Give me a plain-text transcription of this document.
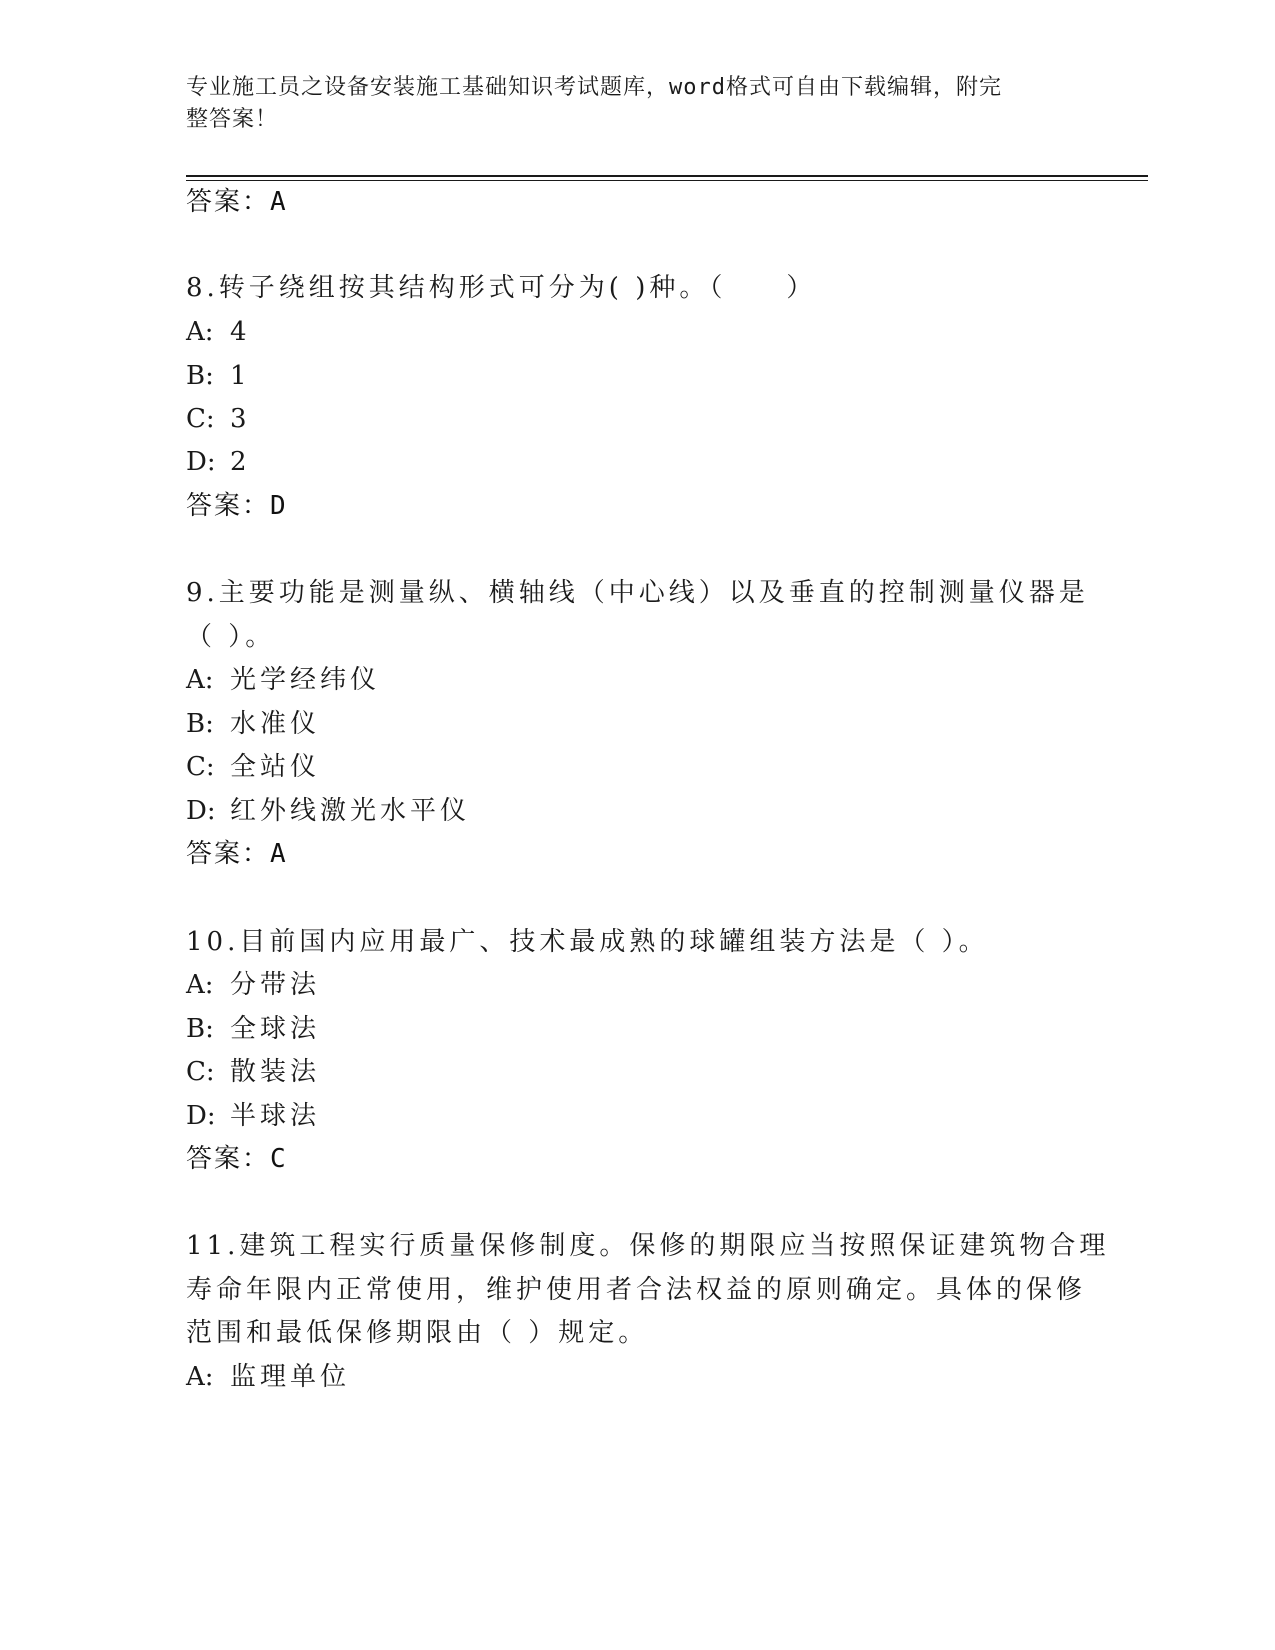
专业施工员之设备安装施工基础知识考试题库，word格式可自由下载编辑，附完
整答案！
答案：A
8.转子绕组按其结构形式可分为( )种。（　　）
A: 4
B: 1
C: 3
D: 2
答案：D
9.主要功能是测量纵、横轴线（中心线）以及垂直的控制测量仪器是
（ ）。
A: 光学经纬仪
B: 水准仪
C: 全站仪
D: 红外线激光水平仪
答案：A
10.目前国内应用最广、技术最成熟的球罐组装方法是（ ）。
A: 分带法
B: 全球法
C: 散装法
D: 半球法
答案：C
11.建筑工程实行质量保修制度。保修的期限应当按照保证建筑物合理
寿命年限内正常使用，维护使用者合法权益的原则确定。具体的保修
范围和最低保修期限由（ ）规定。
A: 监理单位
